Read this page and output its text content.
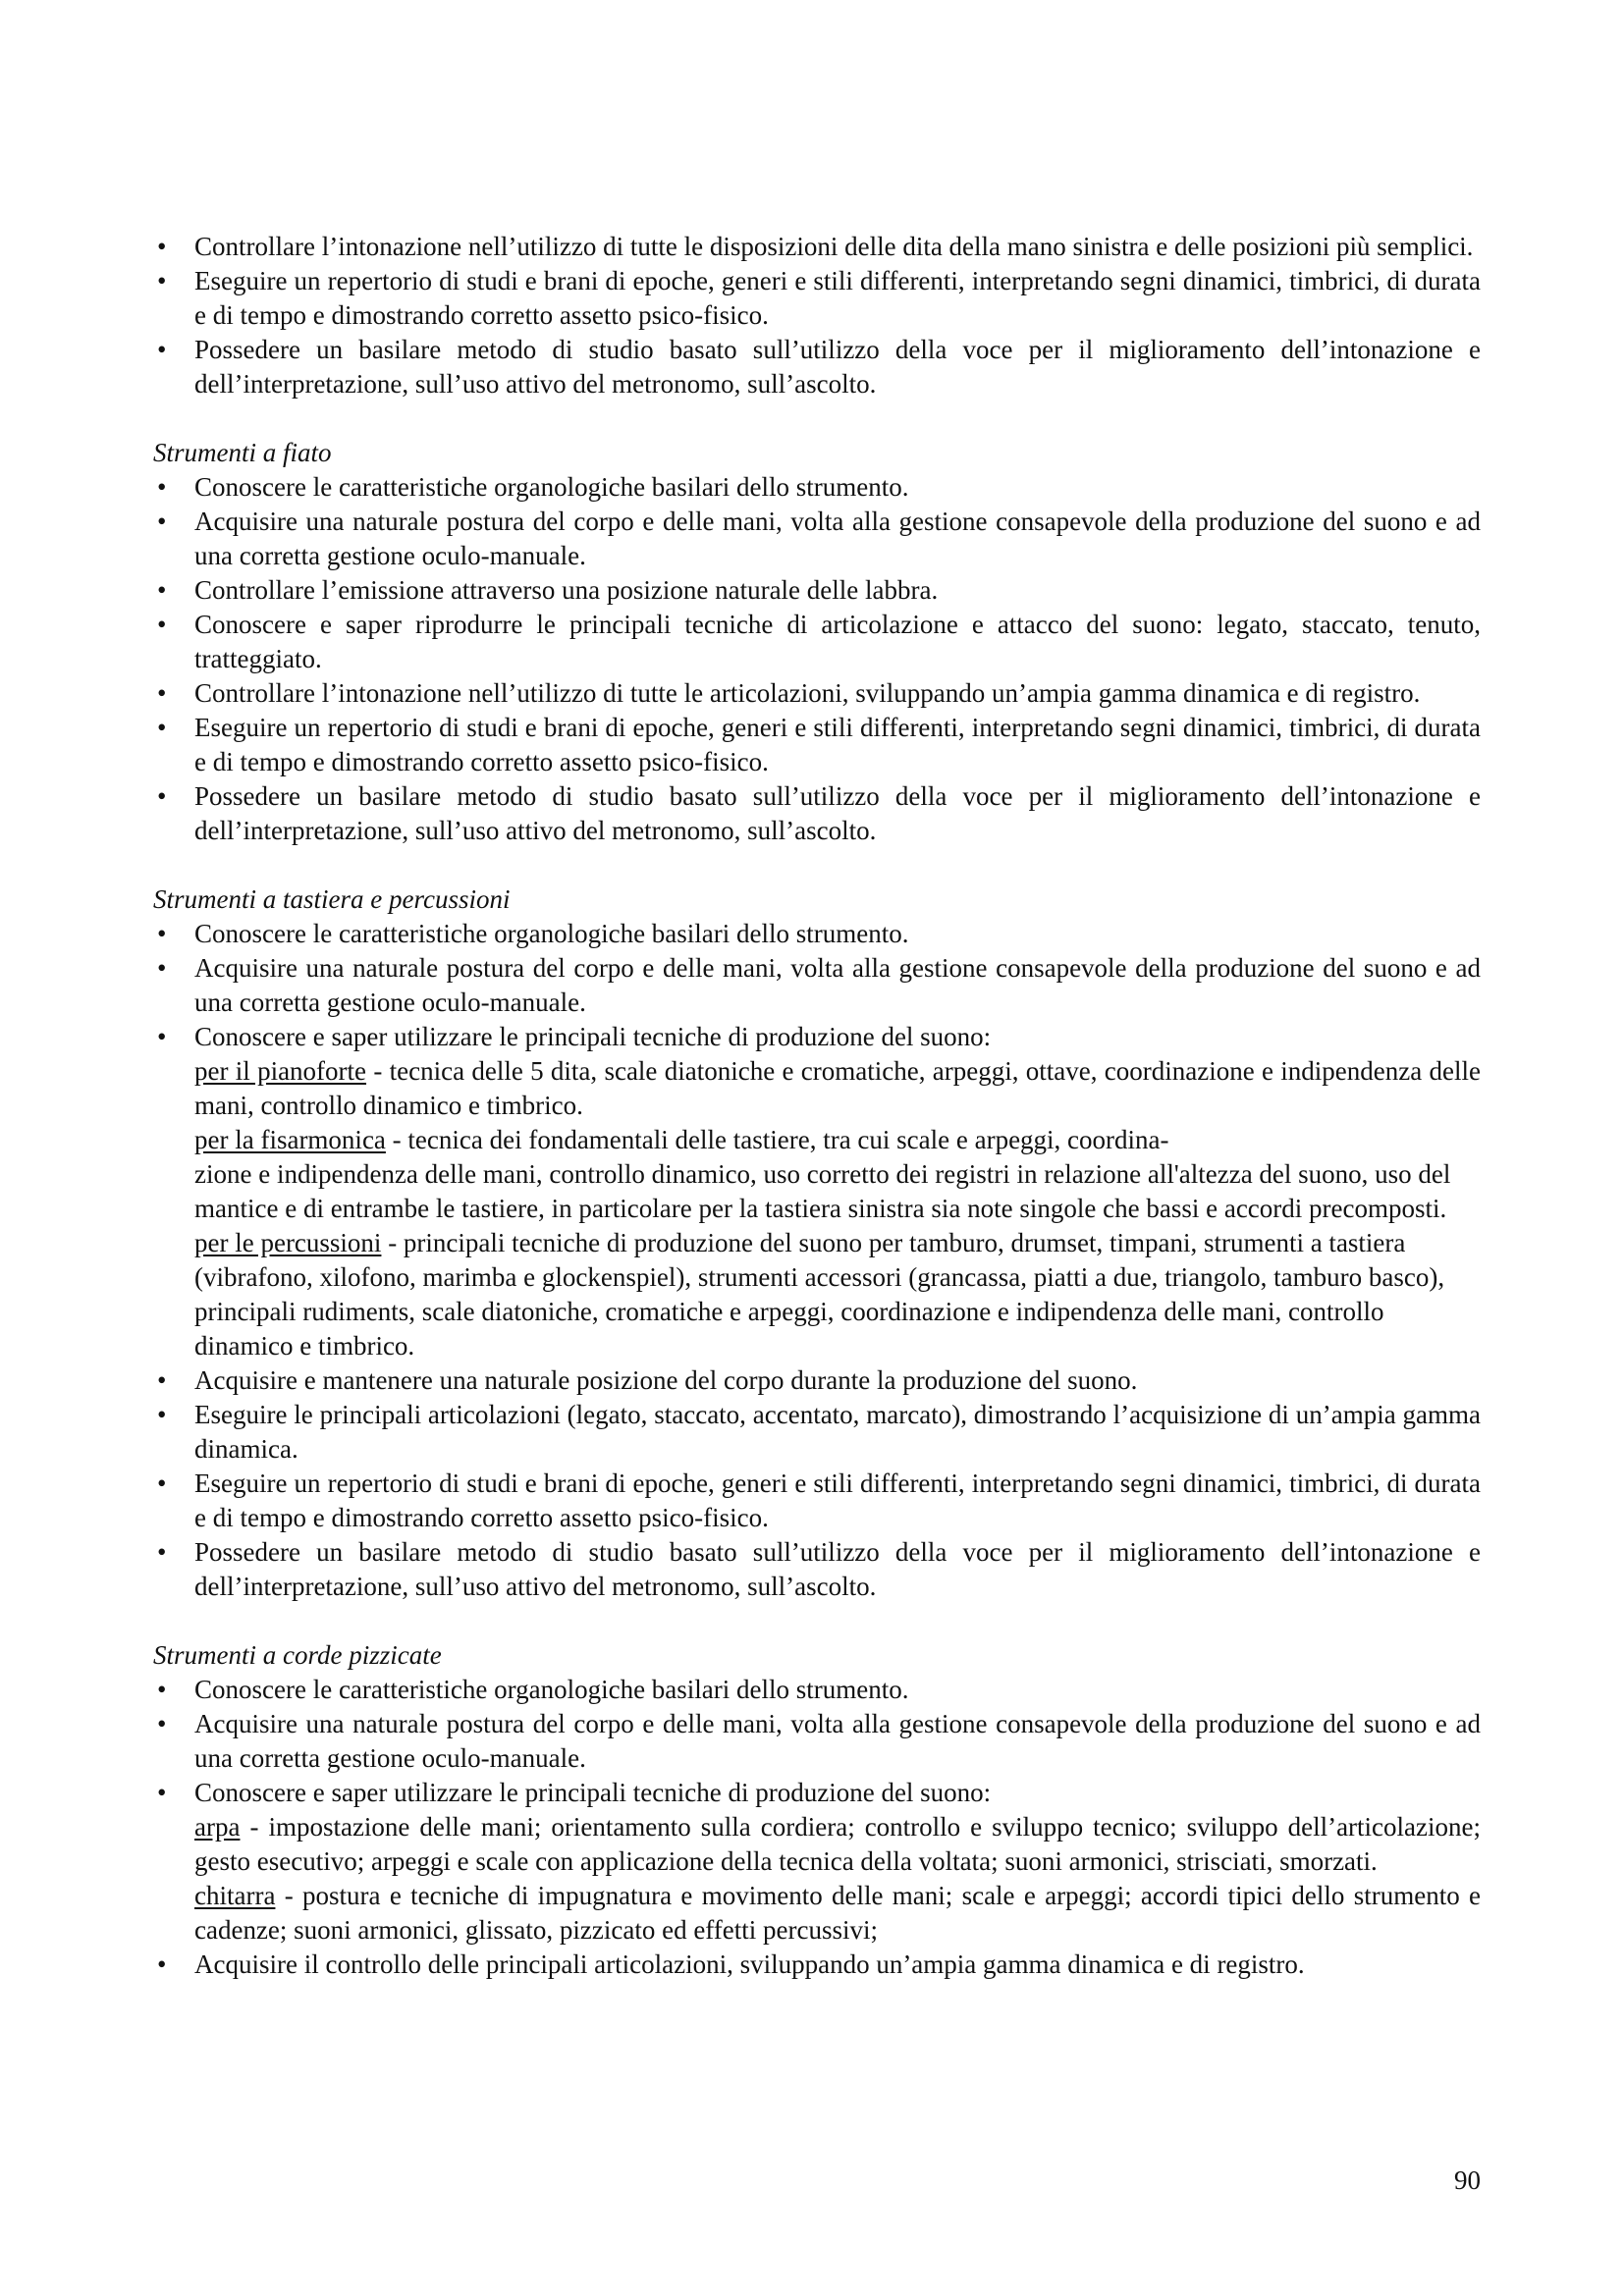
• Controllare l’intonazione nell’utilizzo di tutte le disposizioni delle dita della mano sinistra e delle posizioni più semplici.
• Eseguire un repertorio di studi e brani di epoche, generi e stili differenti, interpretando segni dinamici, timbrici, di durata e di tempo e dimostrando corretto assetto psico-fisico.
• Possedere un basilare metodo di studio basato sull’utilizzo della voce per il miglioramento dell’intonazione e dell’interpretazione, sull’uso attivo del metronomo, sull’ascolto.
Strumenti a fiato
• Conoscere le caratteristiche organologiche basilari dello strumento.
• Acquisire una naturale postura del corpo e delle mani, volta alla gestione consapevole della produzione del suono e ad una corretta gestione oculo-manuale.
• Controllare l’emissione attraverso una posizione naturale delle labbra.
• Conoscere e saper riprodurre le principali tecniche di articolazione e attacco del suono: legato, staccato, tenuto, tratteggiato.
• Controllare l’intonazione nell’utilizzo di tutte le articolazioni, sviluppando un’ampia gamma dinamica e di registro.
• Eseguire un repertorio di studi e brani di epoche, generi e stili differenti, interpretando segni dinamici, timbrici, di durata e di tempo e dimostrando corretto assetto psico-fisico.
• Possedere un basilare metodo di studio basato sull’utilizzo della voce per il miglioramento dell’intonazione e dell’interpretazione, sull’uso attivo del metronomo, sull’ascolto.
Strumenti a tastiera e percussioni
• Conoscere le caratteristiche organologiche basilari dello strumento.
• Acquisire una naturale postura del corpo e delle mani, volta alla gestione consapevole della produzione del suono e ad una corretta gestione oculo-manuale.
• Conoscere e saper utilizzare le principali tecniche di produzione del suono:
per il pianoforte - tecnica delle 5 dita, scale diatoniche e cromatiche, arpeggi, ottave, coordinazione e indipendenza delle mani, controllo dinamico e timbrico.
per la fisarmonica - tecnica dei fondamentali delle tastiere, tra cui scale e arpeggi, coordina-
zione e indipendenza delle mani, controllo dinamico, uso corretto dei registri in relazione all'altezza del suono, uso del mantice e di entrambe le tastiere, in particolare per la tastiera sinistra sia note singole che bassi e accordi precomposti.
per le percussioni - principali tecniche di produzione del suono per tamburo, drumset, timpani, strumenti a tastiera (vibrafono, xilofono, marimba e glockenspiel), strumenti accessori (grancassa, piatti a due, triangolo, tamburo basco), principali rudiments, scale diatoniche, cromatiche e arpeggi, coordinazione e indipendenza delle mani, controllo dinamico e timbrico.
• Acquisire e mantenere una naturale posizione del corpo durante la produzione del suono.
• Eseguire le principali articolazioni (legato, staccato, accentato, marcato), dimostrando l’acquisizione di un’ampia gamma dinamica.
• Eseguire un repertorio di studi e brani di epoche, generi e stili differenti, interpretando segni dinamici, timbrici, di durata e di tempo e dimostrando corretto assetto psico-fisico.
• Possedere un basilare metodo di studio basato sull’utilizzo della voce per il miglioramento dell’intonazione e dell’interpretazione, sull’uso attivo del metronomo, sull’ascolto.
Strumenti a corde pizzicate
• Conoscere le caratteristiche organologiche basilari dello strumento.
• Acquisire una naturale postura del corpo e delle mani, volta alla gestione consapevole della produzione del suono e ad una corretta gestione oculo-manuale.
• Conoscere e saper utilizzare le principali tecniche di produzione del suono:
arpa - impostazione delle mani; orientamento sulla cordiera; controllo e sviluppo tecnico; sviluppo dell’articolazione; gesto esecutivo; arpeggi e scale con applicazione della tecnica della voltata; suoni armonici, strisciati, smorzati.
chitarra - postura e tecniche di impugnatura e movimento delle mani; scale e arpeggi; accordi tipici dello strumento e cadenze; suoni armonici, glissato, pizzicato ed effetti percussivi;
• Acquisire il controllo delle principali articolazioni, sviluppando un’ampia gamma dinamica e di registro.
90
